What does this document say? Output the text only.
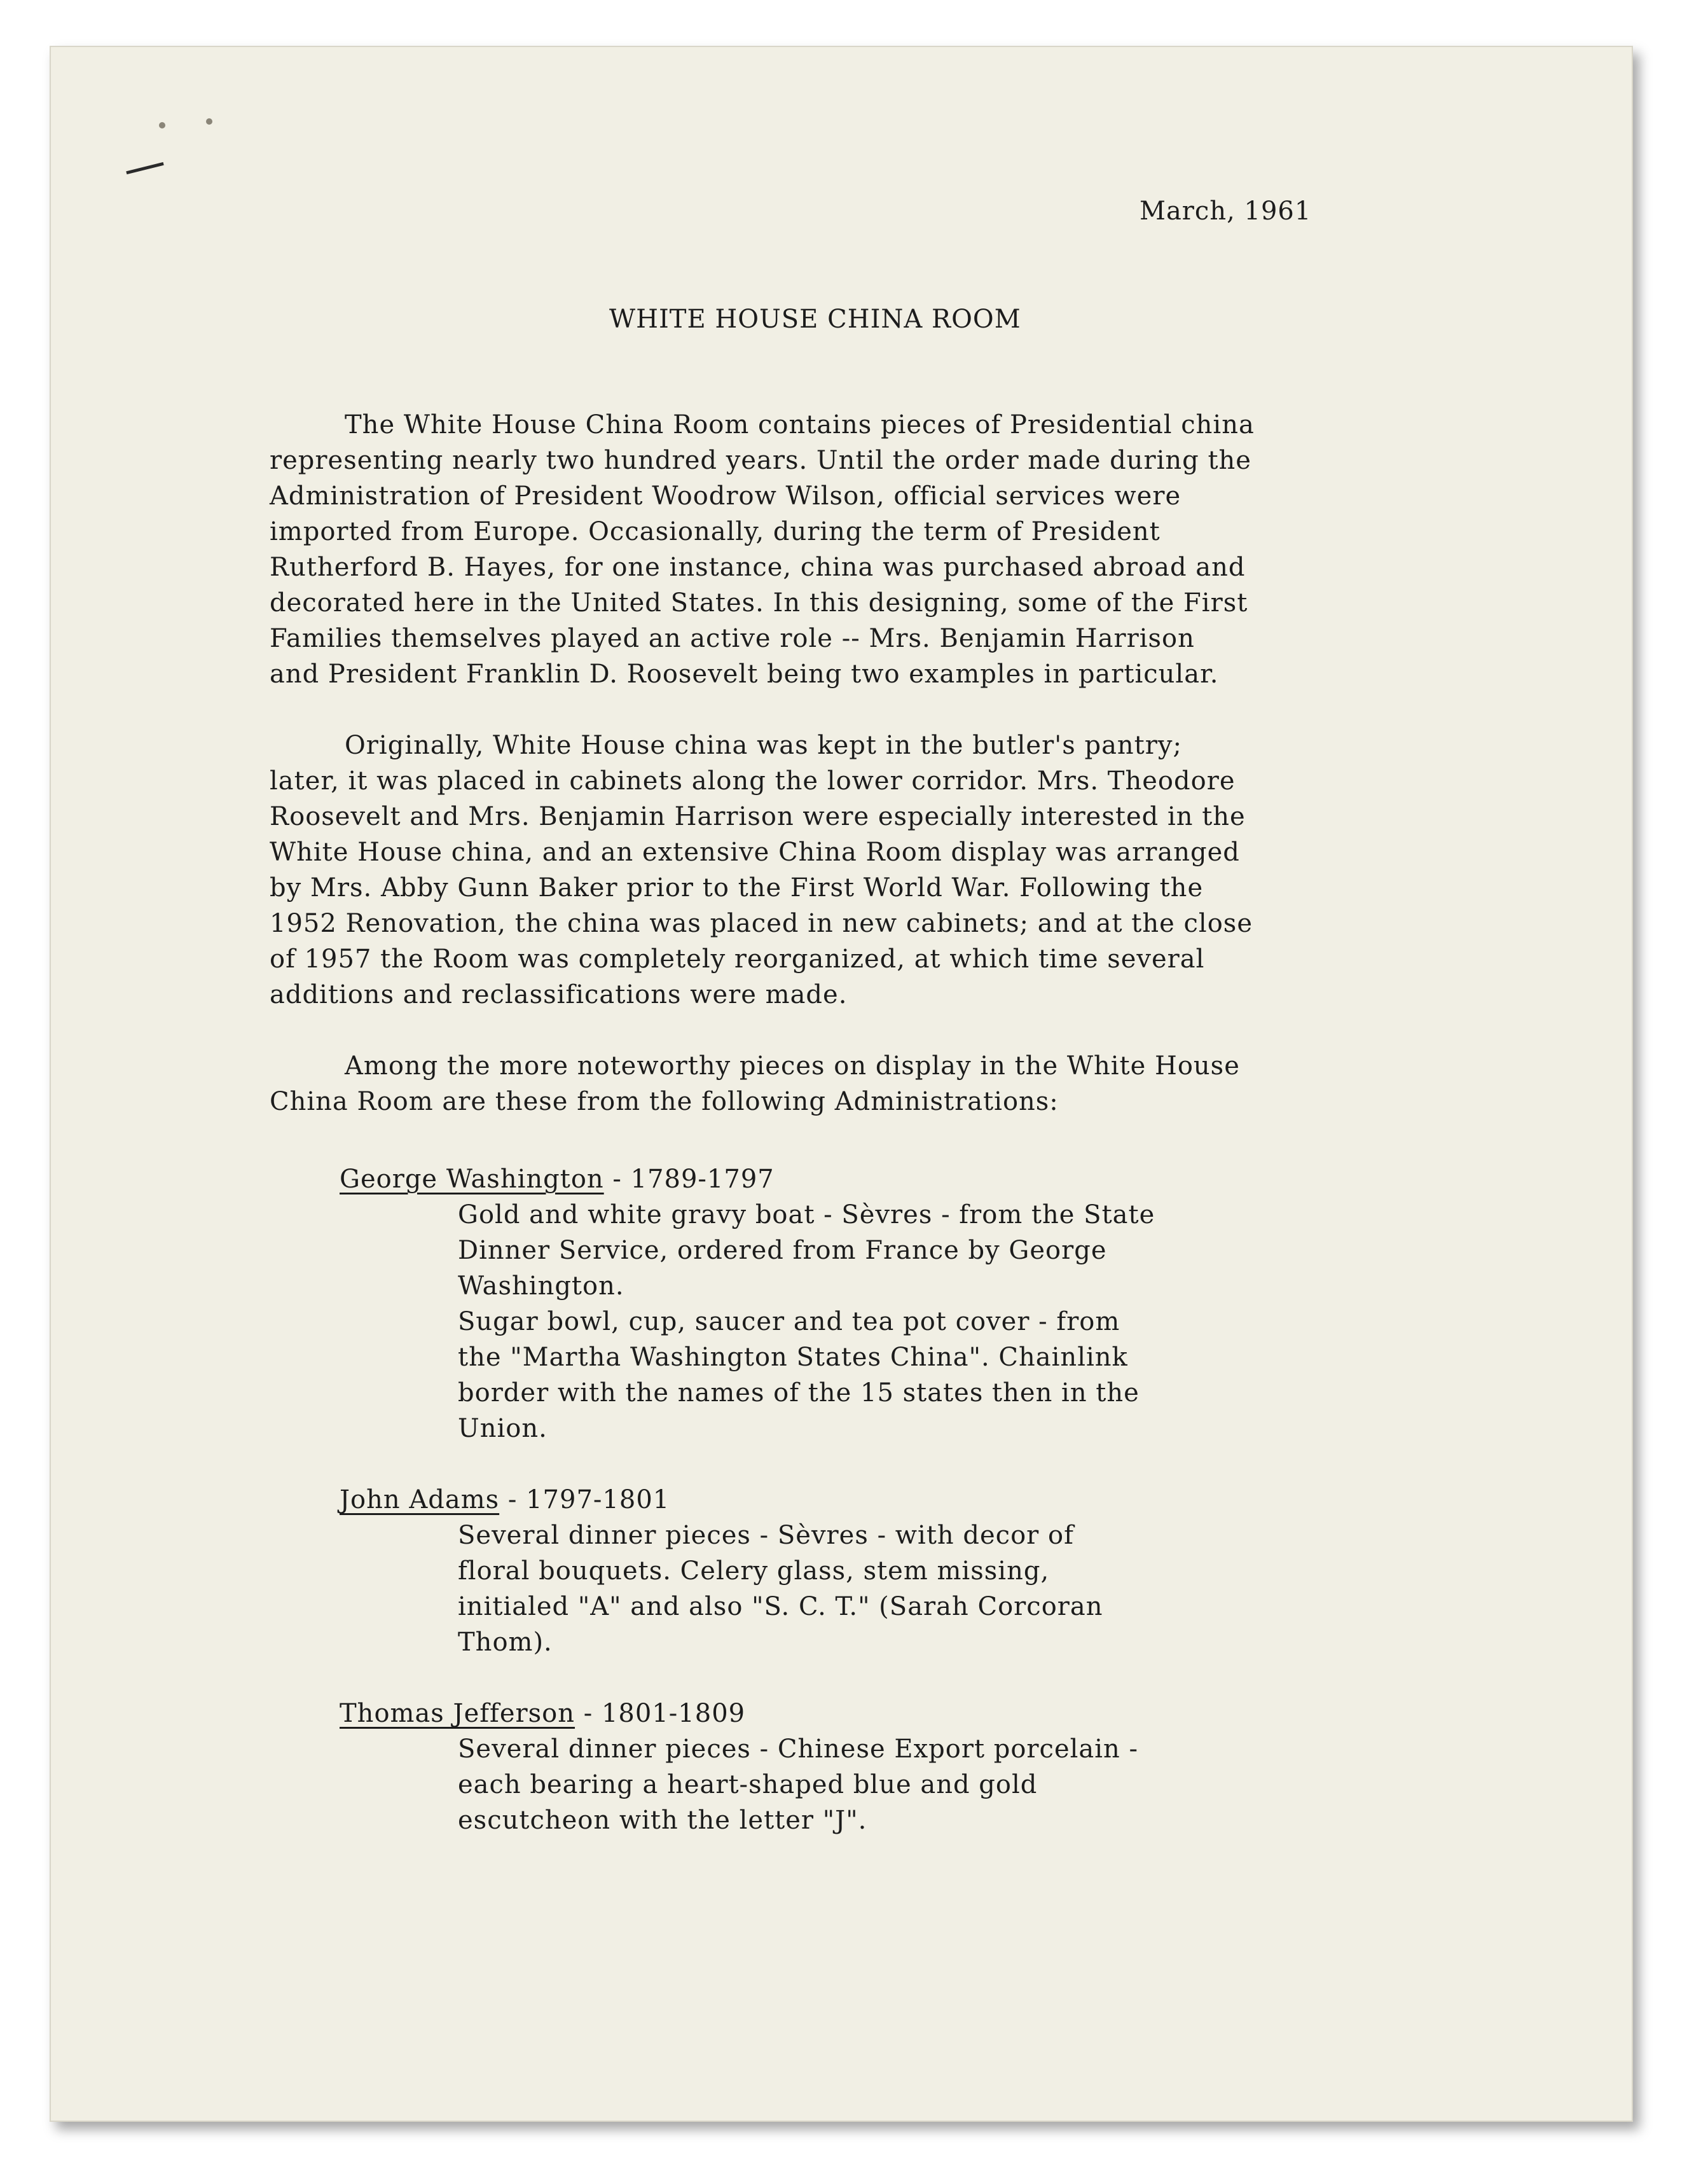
March, 1961
WHITE HOUSE CHINA ROOM
The White House China Room contains pieces of Presidential china
representing nearly two hundred years. Until the order made during the
Administration of President Woodrow Wilson, official services were
imported from Europe. Occasionally, during the term of President
Rutherford B. Hayes, for one instance, china was purchased abroad and
decorated here in the United States. In this designing, some of the First
Families themselves played an active role -- Mrs. Benjamin Harrison
and President Franklin D. Roosevelt being two examples in particular.
Originally, White House china was kept in the butler's pantry;
later, it was placed in cabinets along the lower corridor. Mrs. Theodore
Roosevelt and Mrs. Benjamin Harrison were especially interested in the
White House china, and an extensive China Room display was arranged
by Mrs. Abby Gunn Baker prior to the First World War. Following the
1952 Renovation, the china was placed in new cabinets; and at the close
of 1957 the Room was completely reorganized, at which time several
additions and reclassifications were made.
Among the more noteworthy pieces on display in the White House
China Room are these from the following Administrations:
George Washington - 1789-1797
Gold and white gravy boat - Sèvres - from the State
Dinner Service, ordered from France by George
Washington.
Sugar bowl, cup, saucer and tea pot cover - from
the "Martha Washington States China". Chainlink
border with the names of the 15 states then in the
Union.
John Adams - 1797-1801
Several dinner pieces - Sèvres - with decor of
floral bouquets. Celery glass, stem missing,
initialed "A" and also "S. C. T." (Sarah Corcoran
Thom).
Thomas Jefferson - 1801-1809
Several dinner pieces - Chinese Export porcelain -
each bearing a heart-shaped blue and gold
escutcheon with the letter "J".
